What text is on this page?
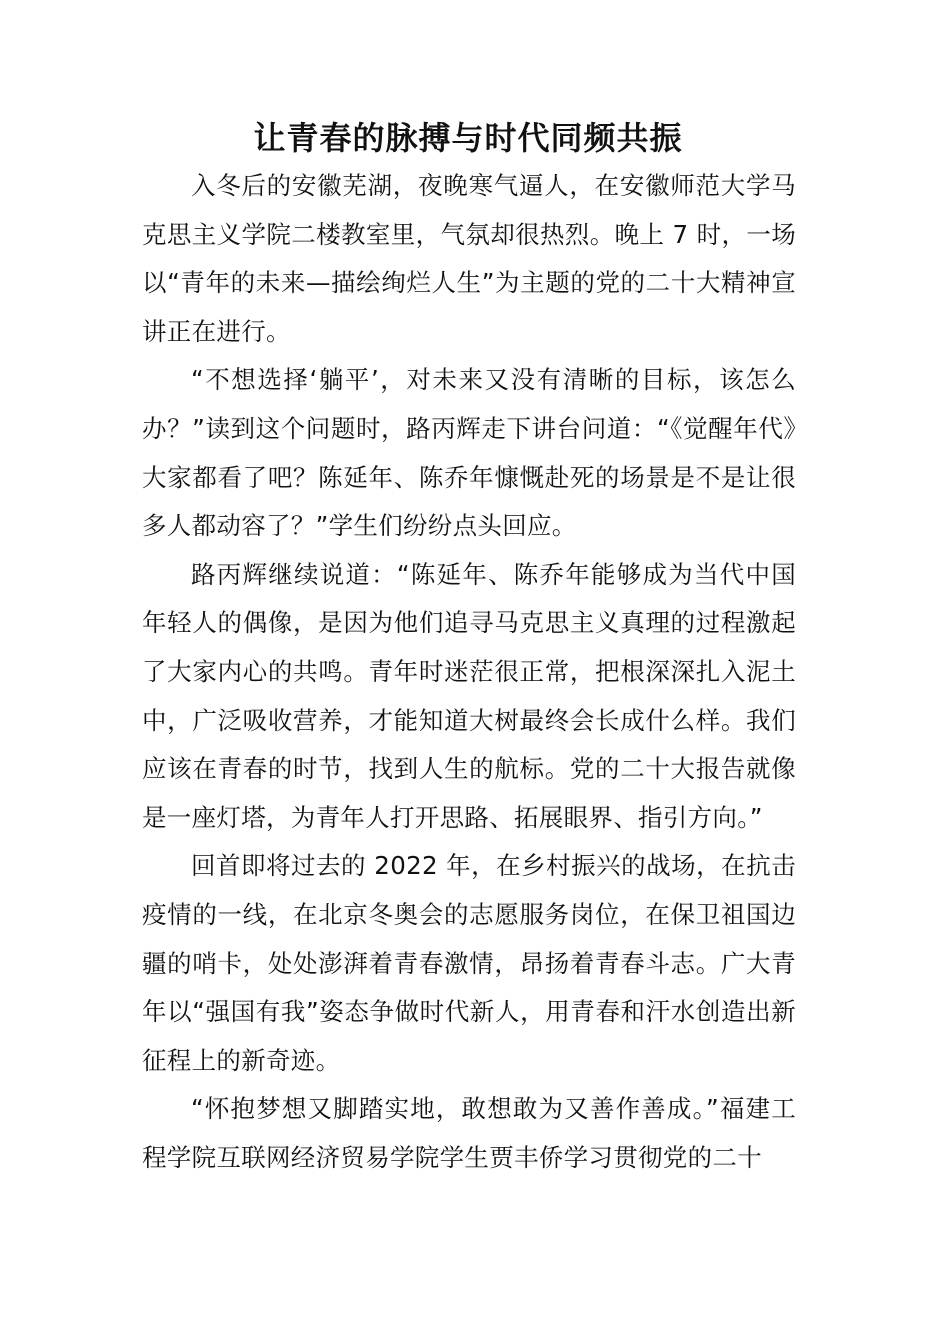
让青春的脉搏与时代同频共振

入冬后的安徽芜湖，夜晚寒气逼人，在安徽师范大学马克思主义学院二楼教室里，气氛却很热烈。晚上 7 时，一场以“青年的未来—描绘绚烂人生”为主题的党的二十大精神宣讲正在进行。

“不想选择‘躺平’，对未来又没有清晰的目标，该怎么办？”读到这个问题时，路丙辉走下讲台问道：“《觉醒年代》大家都看了吧？陈延年、陈乔年慷慨赴死的场景是不是让很多人都动容了？”学生们纷纷点头回应。

路丙辉继续说道：“陈延年、陈乔年能够成为当代中国年轻人的偶像，是因为他们追寻马克思主义真理的过程激起了大家内心的共鸣。青年时迷茫很正常，把根深深扎入泥土中，广泛吸收营养，才能知道大树最终会长成什么样。我们应该在青春的时节，找到人生的航标。党的二十大报告就像是一座灯塔，为青年人打开思路、拓展眼界、指引方向。”

回首即将过去的 2022 年，在乡村振兴的战场，在抗击疫情的一线，在北京冬奥会的志愿服务岗位，在保卫祖国边疆的哨卡，处处澎湃着青春激情，昂扬着青春斗志。广大青年以“强国有我”姿态争做时代新人，用青春和汗水创造出新征程上的新奇迹。

“怀抱梦想又脚踏实地，敢想敢为又善作善成。”福建工程学院互联网经济贸易学院学生贾丰侨学习贯彻党的二十
